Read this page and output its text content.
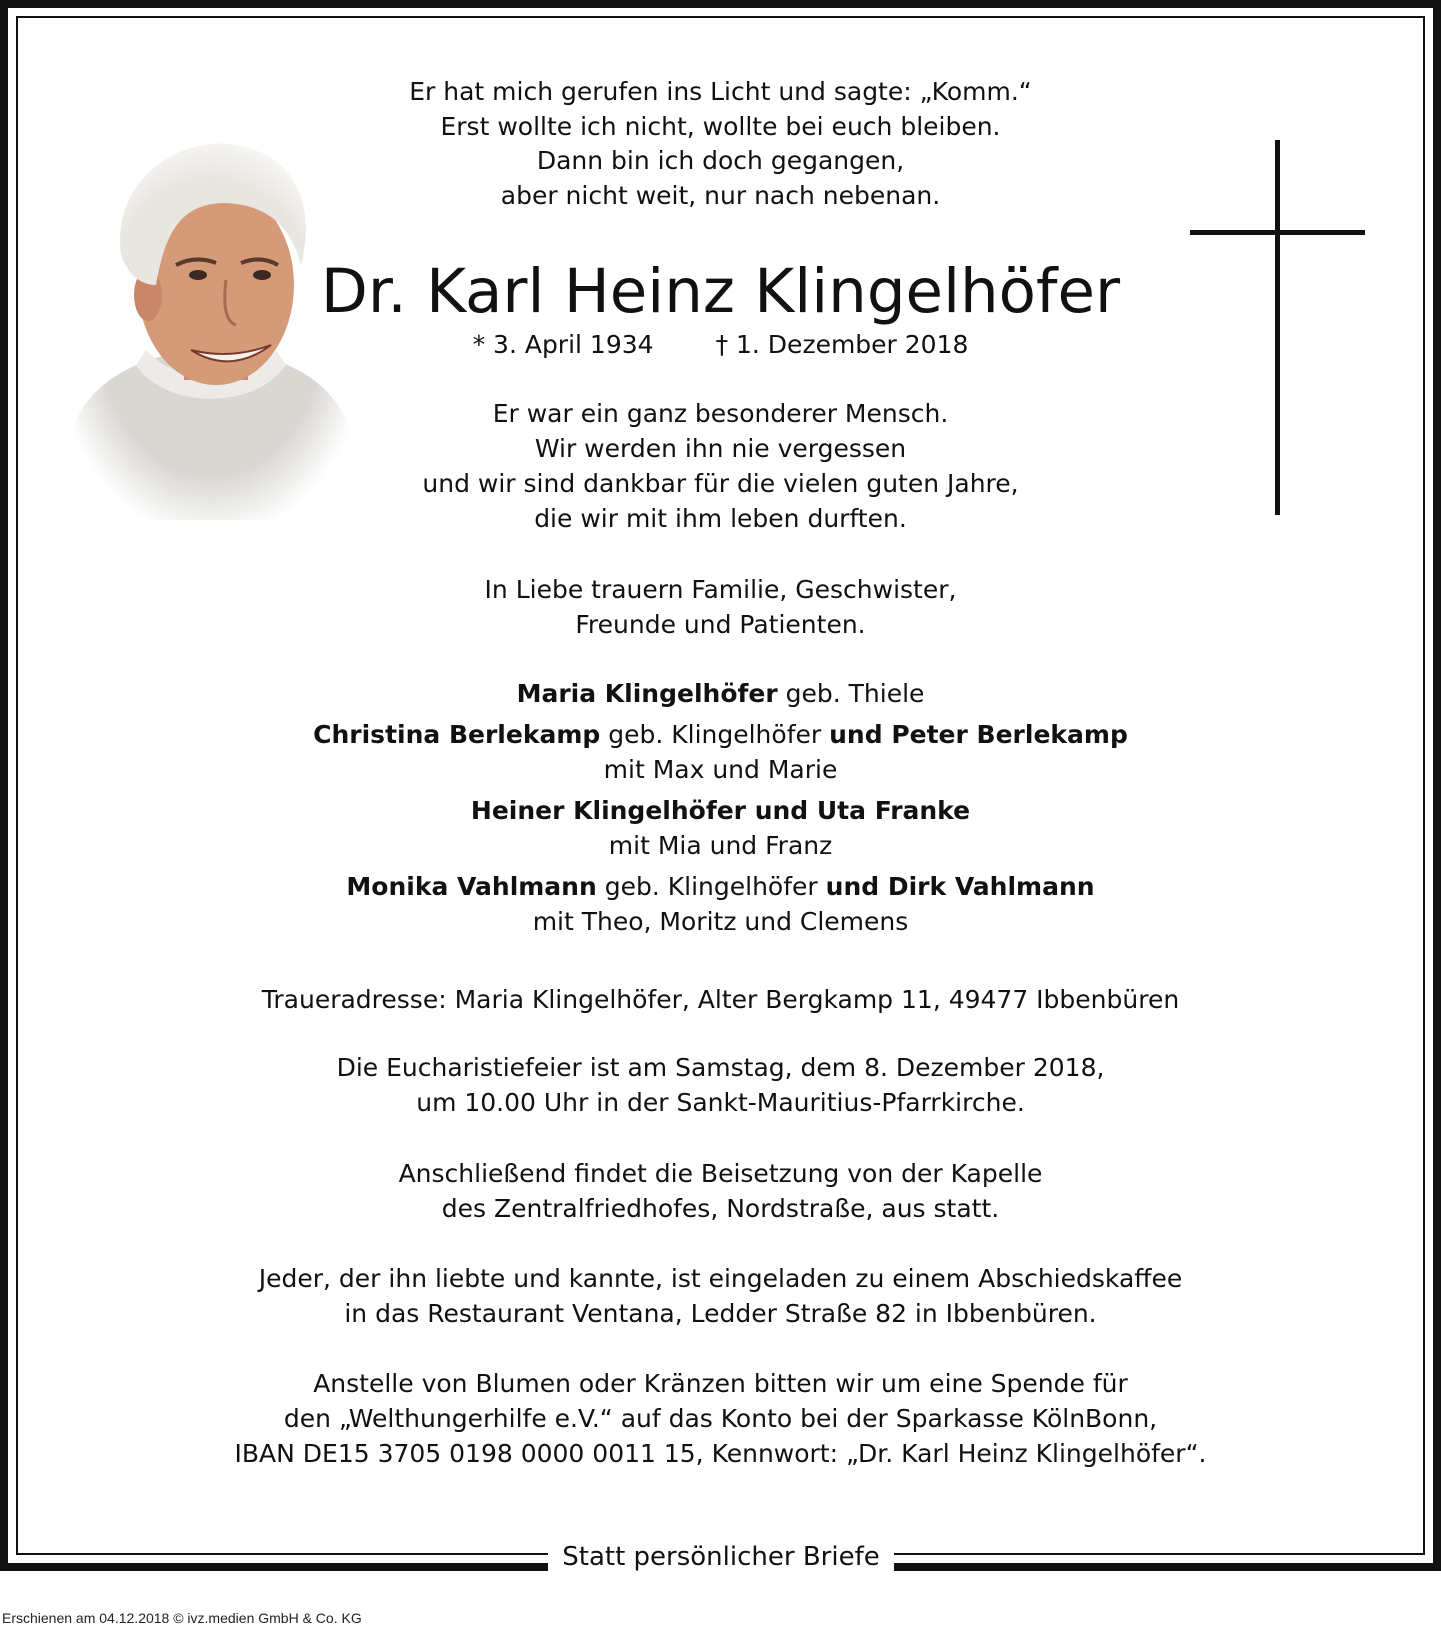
Statt persönlicher Briefe
Er hat mich gerufen ins Licht und sagte: „Komm.“
Erst wollte ich nicht, wollte bei euch bleiben.
Dann bin ich doch gegangen,
aber nicht weit, nur nach nebenan.
Dr. Karl Heinz Klingelhöfer
* 3. April 1934 † 1. Dezember 2018
Er war ein ganz besonderer Mensch.
Wir werden ihn nie vergessen
und wir sind dankbar für die vielen guten Jahre,
die wir mit ihm leben durften.
In Liebe trauern Familie, Geschwister,
Freunde und Patienten.
Maria Klingelhöfer geb. Thiele
Christina Berlekamp geb. Klingelhöfer und Peter Berlekamp
mit Max und Marie
Heiner Klingelhöfer und Uta Franke
mit Mia und Franz
Monika Vahlmann geb. Klingelhöfer und Dirk Vahlmann
mit Theo, Moritz und Clemens
Traueradresse: Maria Klingelhöfer, Alter Bergkamp 11, 49477 Ibbenbüren
Die Eucharistiefeier ist am Samstag, dem 8. Dezember 2018,
um 10.00 Uhr in der Sankt-Mauritius-Pfarrkirche.
Anschließend findet die Beisetzung von der Kapelle
des Zentralfriedhofes, Nordstraße, aus statt.
Jeder, der ihn liebte und kannte, ist eingeladen zu einem Abschiedskaffee
in das Restaurant Ventana, Ledder Straße 82 in Ibbenbüren.
Anstelle von Blumen oder Kränzen bitten wir um eine Spende für
den „Welthungerhilfe e.V.“ auf das Konto bei der Sparkasse KölnBonn,
IBAN DE15 3705 0198 0000 0011 15, Kennwort: „Dr. Karl Heinz Klingelhöfer“.
Erschienen am 04.12.2018 © ivz.medien GmbH & Co. KG
